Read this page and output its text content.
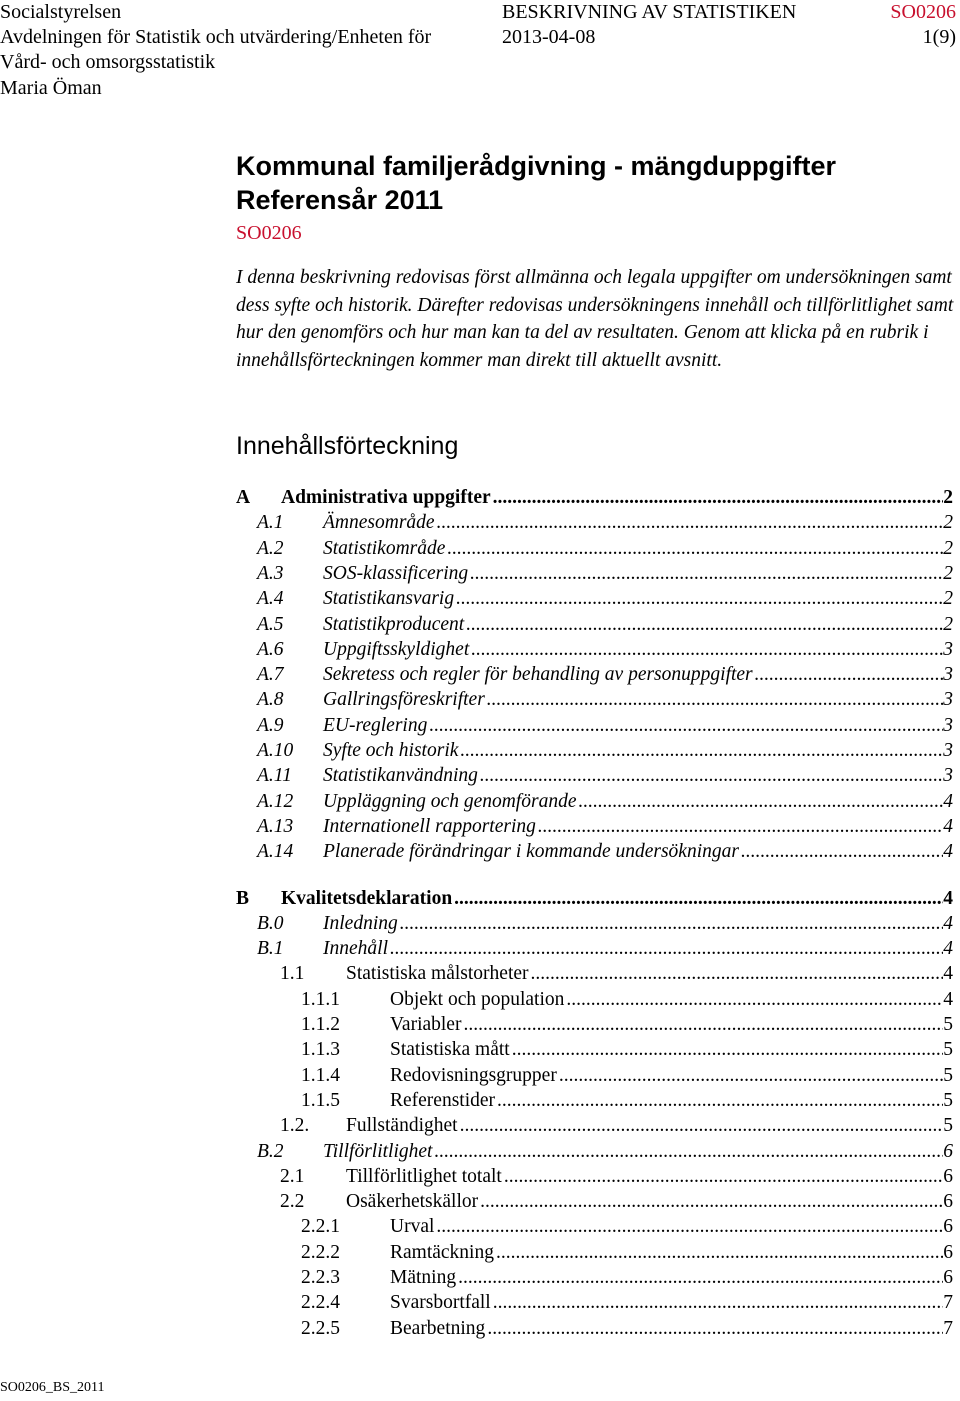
Socialstyrelsen
Avdelningen för Statistik och utvärdering/Enheten för
Vård- och omsorgsstatistik
Maria Öman
BESKRIVNING AV STATISTIKEN	SO0206
2013-04-08	1(9)
Kommunal familjerådgivning - mängduppgifter
Referensår 2011
SO0206
I denna beskrivning redovisas först allmänna och legala uppgifter om undersökningen samt dess syfte och historik. Därefter redovisas undersökningens innehåll och tillförlitlighet samt hur den genomförs och hur man kan ta del av resultaten. Genom att klicka på en rubrik i innehållsförteckningen kommer man direkt till aktuellt avsnitt.
Innehållsförteckning
A	Administrativa uppgifter .....	2
A.1	Ämnesområde .....	2
A.2	Statistikområde .....	2
A.3	SOS-klassificering .....	2
A.4	Statistikansvarig .....	2
A.5	Statistikproducent .....	2
A.6	Uppgiftsskyldighet .....	3
A.7	Sekretess och regler för behandling av personuppgifter .....	3
A.8	Gallringsföreskrifter .....	3
A.9	EU-reglering .....	3
A.10	Syfte och historik .....	3
A.11	Statistikanvändning .....	3
A.12	Uppläggning och genomförande .....	4
A.13	Internationell rapportering .....	4
A.14	Planerade förändringar i kommande undersökningar .....	4
B	Kvalitetsdeklaration .....	4
B.0	Inledning .....	4
B.1	Innehåll .....	4
1.1	Statistiska målstorheter .....	4
1.1.1	Objekt och population .....	4
1.1.2	Variabler .....	5
1.1.3	Statistiska mått .....	5
1.1.4	Redovisningsgrupper .....	5
1.1.5	Referenstider .....	5
1.2.	Fullständighet .....	5
B.2	Tillförlitlighet .....	6
2.1	Tillförlitlighet totalt .....	6
2.2	Osäkerhetskällor .....	6
2.2.1	Urval .....	6
2.2.2	Ramtäckning .....	6
2.2.3	Mätning .....	6
2.2.4	Svarsbortfall .....	7
2.2.5	Bearbetning .....	7
SO0206_BS_2011
